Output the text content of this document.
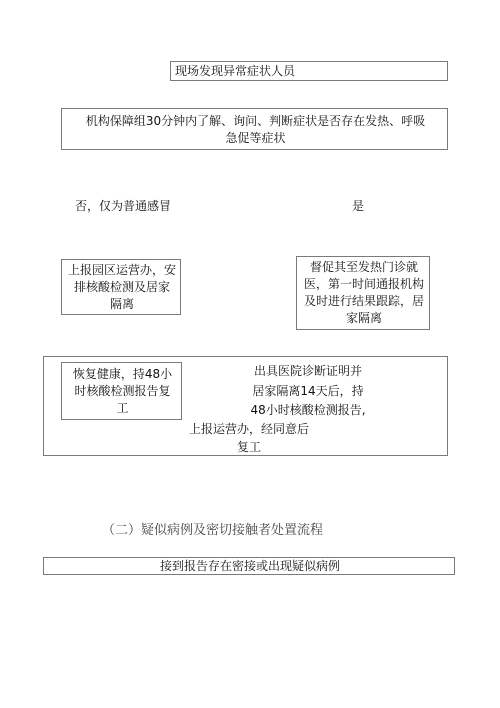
现场发现异常症状人员
机构保障组30分钟内了解、询问、判断症状是否存在发热、呼吸
急促等症状
否，仅为普通感冒	是
上报园区运营办，安
排核酸检测及居家
隔离
督促其至发热门诊就
医，第一时间通报机构
及时进行结果跟踪，居
家隔离
恢复健康，持48小
时核酸检测报告复
工
出具医院诊断证明并
居家隔离14天后，持
48小时核酸检测报告,
上报运营办，经同意后
复工
（二）疑似病例及密切接触者处置流程
接到报告存在密接或出现疑似病例
